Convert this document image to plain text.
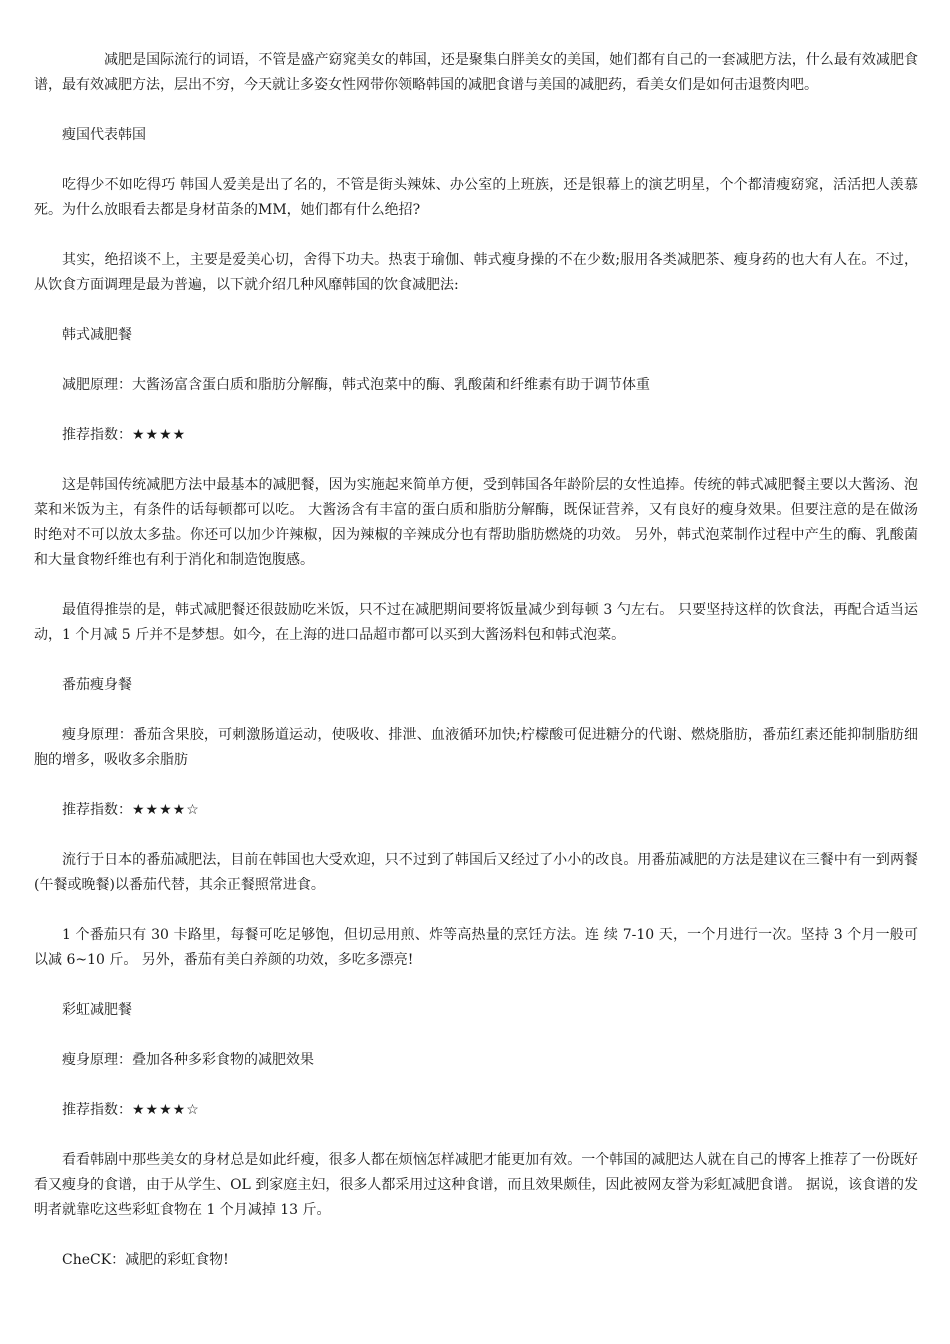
减肥是国际流行的词语，不管是盛产窈窕美女的韩国，还是聚集白胖美女的美国，她们都有自己的一套减肥方法，什么最有效减肥食谱，最有效减肥方法，层出不穷，今天就让多姿女性网带你领略韩国的减肥食谱与美国的减肥药，看美女们是如何击退赘肉吧。

瘦国代表韩国

吃得少不如吃得巧 韩国人爱美是出了名的，不管是街头辣妹、办公室的上班族，还是银幕上的演艺明星，个个都清瘦窈窕，活活把人羡慕死。为什么放眼看去都是身材苗条的MM，她们都有什么绝招?

其实，绝招谈不上，主要是爱美心切，舍得下功夫。热衷于瑜伽、韩式瘦身操的不在少数;服用各类减肥茶、瘦身药的也大有人在。不过，从饮食方面调理是最为普遍，以下就介绍几种风靡韩国的饮食减肥法:

韩式减肥餐

减肥原理：大酱汤富含蛋白质和脂肪分解酶，韩式泡菜中的酶、乳酸菌和纤维素有助于调节体重

推荐指数：★★★★

这是韩国传统减肥方法中最基本的减肥餐，因为实施起来简单方便，受到韩国各年龄阶层的女性追捧。传统的韩式减肥餐主要以大酱汤、泡菜和米饭为主，有条件的话每顿都可以吃。 大酱汤含有丰富的蛋白质和脂肪分解酶，既保证营养，又有良好的瘦身效果。但要注意的是在做汤时绝对不可以放太多盐。你还可以加少许辣椒，因为辣椒的辛辣成分也有帮助脂肪燃烧的功效。 另外，韩式泡菜制作过程中产生的酶、乳酸菌和大量食物纤维也有利于消化和制造饱腹感。

最值得推崇的是，韩式减肥餐还很鼓励吃米饭，只不过在减肥期间要将饭量减少到每顿 3 勺左右。 只要坚持这样的饮食法，再配合适当运动，1 个月减 5 斤并不是梦想。如今，在上海的进口品超市都可以买到大酱汤料包和韩式泡菜。

番茄瘦身餐

瘦身原理：番茄含果胶，可刺激肠道运动，使吸收、排泄、血液循环加快;柠檬酸可促进糖分的代谢、燃烧脂肪，番茄红素还能抑制脂肪细胞的增多，吸收多余脂肪

推荐指数：★★★★☆

流行于日本的番茄减肥法，目前在韩国也大受欢迎，只不过到了韩国后又经过了小小的改良。用番茄减肥的方法是建议在三餐中有一到两餐(午餐或晚餐)以番茄代替，其余正餐照常进食。

1 个番茄只有 30 卡路里，每餐可吃足够饱，但切忌用煎、炸等高热量的烹饪方法。连 续 7-10 天，一个月进行一次。坚持 3 个月一般可以减 6~10 斤。 另外，番茄有美白养颜的功效，多吃多漂亮!

彩虹减肥餐

瘦身原理：叠加各种多彩食物的减肥效果

推荐指数：★★★★☆

看看韩剧中那些美女的身材总是如此纤瘦，很多人都在烦恼怎样减肥才能更加有效。一个韩国的减肥达人就在自己的博客上推荐了一份既好看又瘦身的食谱，由于从学生、OL 到家庭主妇，很多人都采用过这种食谱，而且效果颇佳，因此被网友誉为彩虹减肥食谱。 据说，该食谱的发明者就靠吃这些彩虹食物在 1 个月减掉 13 斤。

CheCK：减肥的彩虹食物!
